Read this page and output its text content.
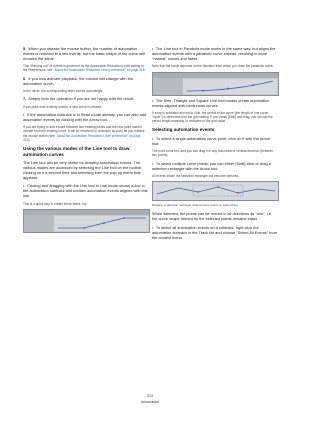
5. When you release the mouse button, the number of automation events is reduced to a few events, but the basic shape of the curve still remains the same.

This "thinning out" of events is governed by the Automation Reduction Level setting in the Preferences, see "About the Automation Reduction Level preference" on page 315.

6. If you now activate playback, the volume will change with the automation curve.

In the mixer, the corresponding fader moves accordingly.

7. Simply redo the operation if you are not happy with the result.

If you draw over existing events, a new curve is created.

• If the automation subtrack is in Read mode already, you can also add automation events by clicking with the Arrow tool.

If you are trying to add a point between two existing points and the new point doesn't deviate from the existing curve, it will be removed by reduction as soon as you release the mouse button (see "About the Automation Reduction Level preference" on page 315).

Using the various modes of the Line tool to draw automation curves

The Line tool can be very useful for drawing automation events. The various modes are accessed by selecting the Line tool on the toolbar, clicking on it a second time and selecting from the pop-up menu that appears.

• Clicking and dragging with the Line tool in Line mode shows a line in the automation subtrack and creates automation events aligned with this line.

This is a quick way to create linear fades, etc.

• The Line tool in Parabola mode works in the same way, but aligns the automation events with a parabolic curve instead, resulting in more "natural" curves and fades.

Note that the result depends on the direction from which you draw the parabolic curve:

• The Sine, Triangle and Square Line tool modes create automation events aligned with continuous curves.

If snap is activated and set to Grid, the period of the curve (the length of one curve "cycle") is determined by the grid setting. If you press [Shift] and drag, you can set the period length manually, in multiples of the grid value.

Selecting automation events

• To select a single automation curve point, click on it with the Arrow tool.

The point turns red, and you can drag it in any horizontal or vertical direction (between two points).

• To select multiple curve points, you can either [Shift]-click or drag a selection rectangle with the Arrow tool.

All events inside the selection rectangle will become selected.

Drawing a selection rectangle around some points to select them.

When selected, the points can be moved in all directions as "one", i.e. the curve shape formed by the selected points remains intact.

• To select all automation events on a subtrack, right-click the automation subtrack in the Track list and choose "Select All Events" from the context menu.

313
Automation
